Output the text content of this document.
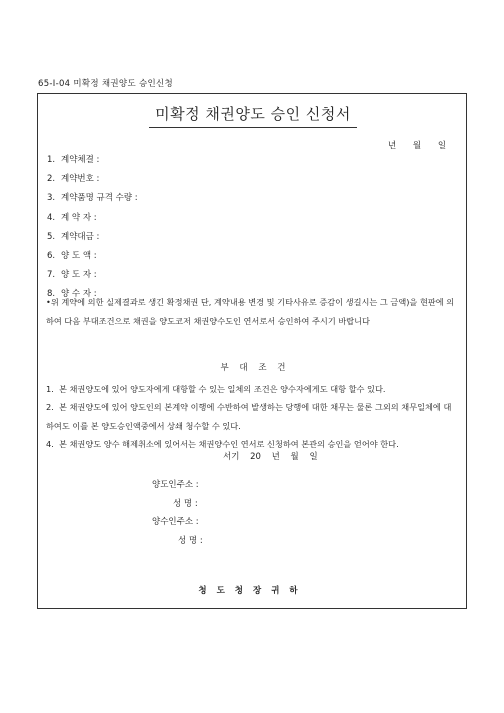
65-I-04 미확정 채권양도 승인신청
미확정 채권양도 승인 신청서
년 월 일
1. 계약체결 :
2. 계약번호 :
3. 계약품명 규격 수량 :
4. 계 약 자 :
5. 계약대금 :
6. 양 도 액 :
7. 양 도 자 :
8. 양 수 자 :
•위 계약에 의한 실제결과로 생긴 확정채권 단, 계약내용 변경 및 기타사유로 증감이 생길시는 그 금액)을 현판에 의하여 다음 부대조건으로 채권을 양도코저 채권양수도인 연서로서 승인하여 주시기 바랍니다
부 대 조 건
1. 본 채권양도에 있어 양도자에게 대항할 수 있는 일체의 조건은 양수자에게도 대항 할수 있다.
2. 본 채권양도에 있어 양도인의 본계약 이행에 수반하여 발생하는 당행에 대한 채무는 물론 그외의 채무일체에 대하여도 이를 본 양도승인액중에서 상쇄 청수할 수 있다.
4. 본 채권양도 양수 해제취소에 있어서는 채권양수인 연서로 신청하여 본관의 승인을 얻어야 한다.
서기 20 년 월 일
양도인주소 :
성 명 :
양수인주소 :
성 명 :
청도청장귀하
